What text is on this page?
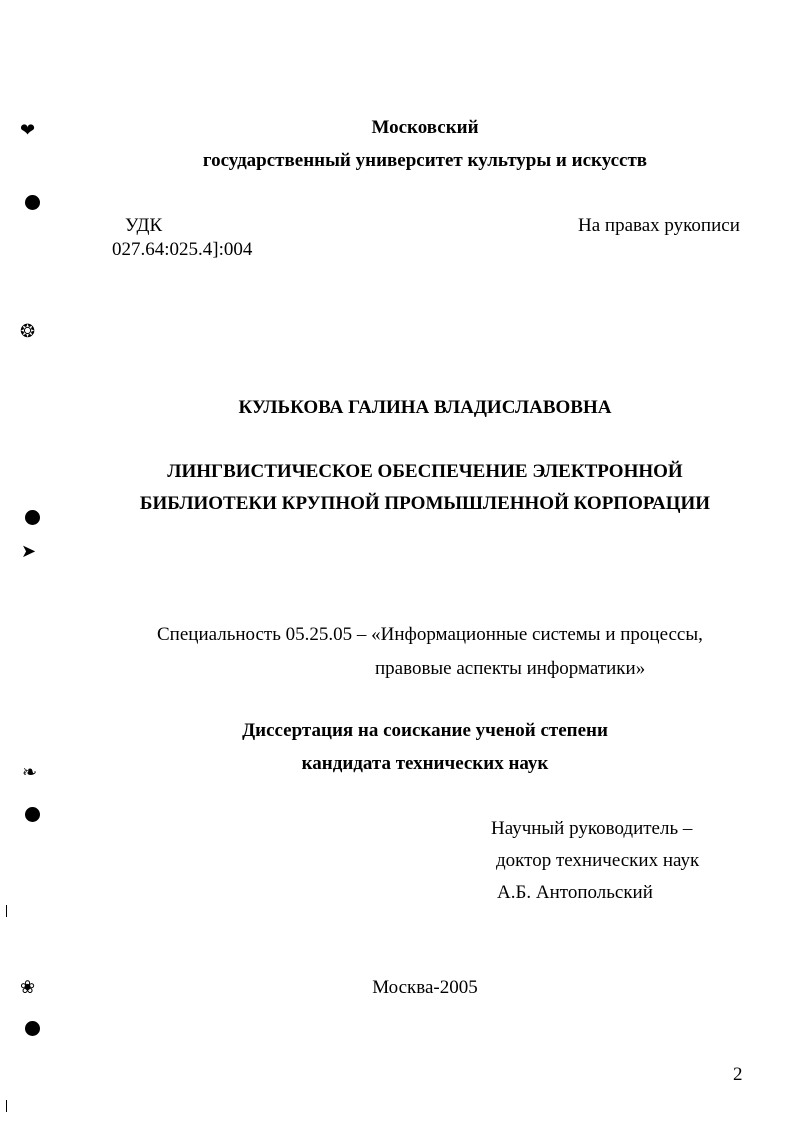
❤
❂
➤
❧
❀
Московский
государственный университет культуры и искусств
УДК
027.64:025.4]:004
На правах рукописи
КУЛЬКОВА ГАЛИНА ВЛАДИСЛАВОВНА
ЛИНГВИСТИЧЕСКОЕ ОБЕСПЕЧЕНИЕ ЭЛЕКТРОННОЙ
БИБЛИОТЕКИ КРУПНОЙ ПРОМЫШЛЕННОЙ КОРПОРАЦИИ
Специальность 05.25.05 – «Информационные системы и процессы,
правовые аспекты информатики»
Диссертация на соискание ученой степени
кандидата технических наук
Научный руководитель –
доктор технических наук
А.Б. Антопольский
Москва-2005
2
